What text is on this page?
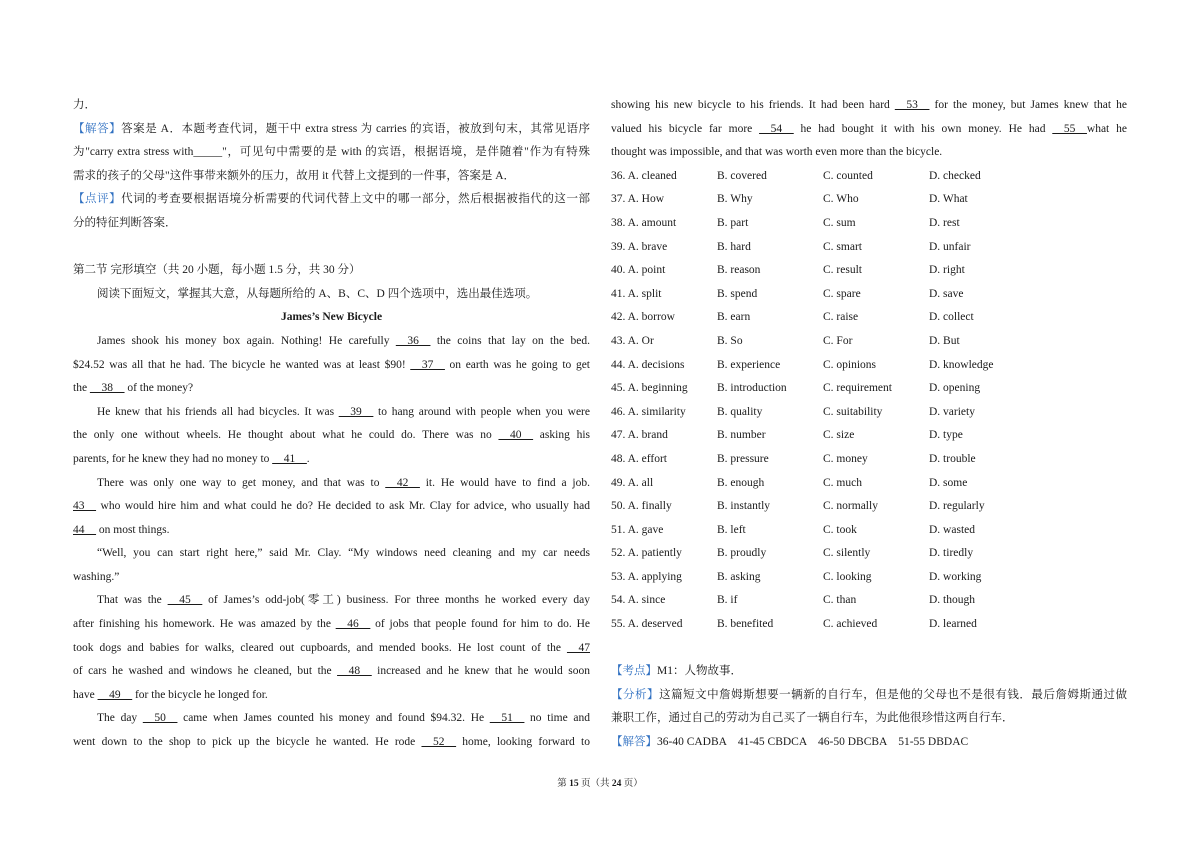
力．
【解答】答案是 A．本题考查代词，题干中 extra stress 为 carries 的宾语，被放到句末，其常见语序
为"carry extra stress with_____"，可见句中需要的是 with 的宾语，根据语境，是伴随着"作为有特殊
需求的孩子的父母"这件事带来额外的压力，故用 it 代替上文提到的一件事，答案是 A．
【点评】代词的考查要根据语境分析需要的代词代替上文中的哪一部分，然后根据被指代的这一部
分的特征判断答案．
第二节 完形填空（共 20 小题，每小题 1.5 分，共 30 分）
阅读下面短文，掌握其大意，从每题所给的 A、B、C、D 四个选项中，选出最佳选项。
James’s New Bicycle
James shook his money box again. Nothing! He carefully __36__ the coins that lay on the bed.
$24.52 was all that he had. The bicycle he wanted was at least $90! __37__ on earth was he going to get
the __38__ of the money?
He knew that his friends all had bicycles. It was __39__ to hang around with people when you were
the only one without wheels. He thought about what he could do. There was no __40__ asking his
parents, for he knew they had no money to __41__.
There was only one way to get money, and that was to __42__ it. He would have to find a job.
43__ who would hire him and what could he do? He decided to ask Mr. Clay for advice, who usually had
44__ on most things.
“Well, you can start right here,” said Mr. Clay. “My windows need cleaning and my car needs
washing.”
That was the __45__ of James’s odd-job(零工) business. For three months he worked every day
after finishing his homework. He was amazed by the __46__ of jobs that people found for him to do. He
took dogs and babies for walks, cleared out cupboards, and mended books. He lost count of the __47
of cars he washed and windows he cleaned, but the __48__ increased and he knew that he would soon
have __49__ for the bicycle he longed for.
The day __50__ came when James counted his money and found $94.32. He __51__ no time and
went down to the shop to pick up the bicycle he wanted. He rode __52__ home, looking forward to
showing his new bicycle to his friends. It had been hard __53__ for the money, but James knew that he
valued his bicycle far more __54__ he had bought it with his own money. He had __55__what he
thought was impossible, and that was worth even more than the bicycle.
36. A. cleaned	B. covered	C. counted	D. checked
37. A. How	B. Why	C. Who	D. What
38. A. amount	B. part	C. sum	D. rest
39. A. brave	B. hard	C. smart	D. unfair
40. A. point	B. reason	C. result	D. right
41. A. split	B. spend	C. spare	D. save
42. A. borrow	B. earn	C. raise	D. collect
43. A. Or	B. So	C. For	D. But
44. A. decisions	B. experience	C. opinions	D. knowledge
45. A. beginning	B. introduction	C. requirement	D. opening
46. A. similarity	B. quality	C. suitability	D. variety
47. A. brand	B. number	C. size	D. type
48. A. effort	B. pressure	C. money	D. trouble
49. A. all	B. enough	C. much	D. some
50. A. finally	B. instantly	C. normally	D. regularly
51. A. gave	B. left	C. took	D. wasted
52. A. patiently	B. proudly	C. silently	D. tiredly
53. A. applying	B. asking	C. looking	D. working
54. A. since	B. if	C. than	D. though
55. A. deserved	B. benefited	C. achieved	D. learned
【考点】M1：人物故事．
【分析】这篇短文中詹姆斯想要一辆新的自行车，但是他的父母也不是很有钱．最后詹姆斯通过做
兼职工作，通过自己的劳动为自己买了一辆自行车，为此他很珍惜这两自行车．
【解答】36-40 CADBA    41-45 CBDCA    46-50 DBCBA    51-55 DBDAC
第 15 页（共 24 页）
